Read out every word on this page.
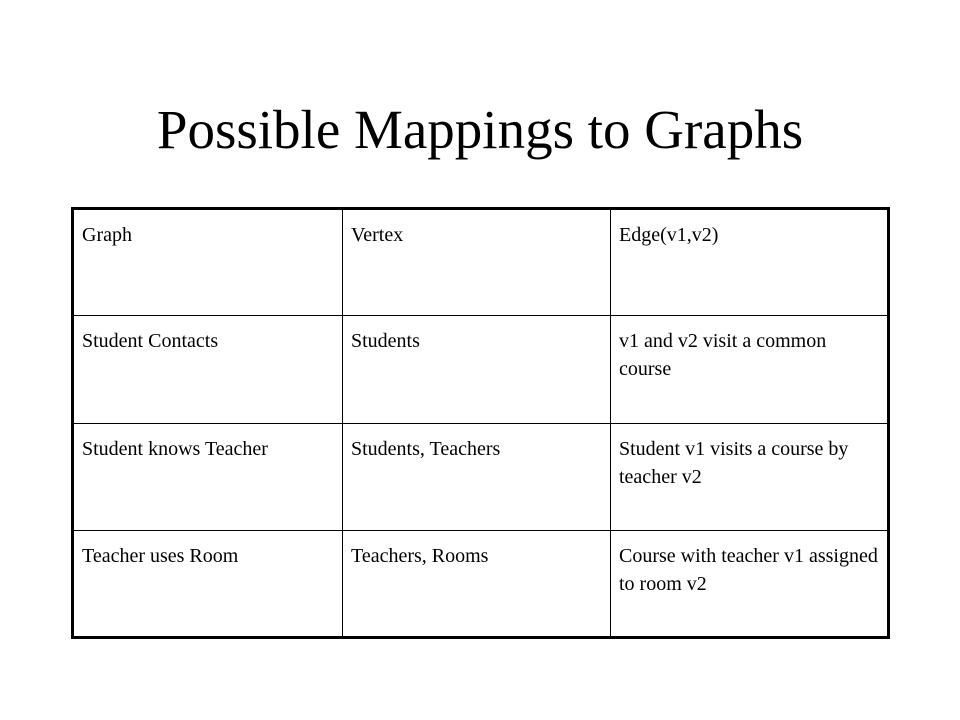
Possible Mappings to Graphs
Graph	Vertex	Edge(v1,v2)
Student Contacts	Students	v1 and v2 visit a common course
Student knows Teacher	Students, Teachers	Student v1 visits a course by teacher v2
Teacher uses Room	Teachers, Rooms	Course with teacher v1 assigned to room v2
